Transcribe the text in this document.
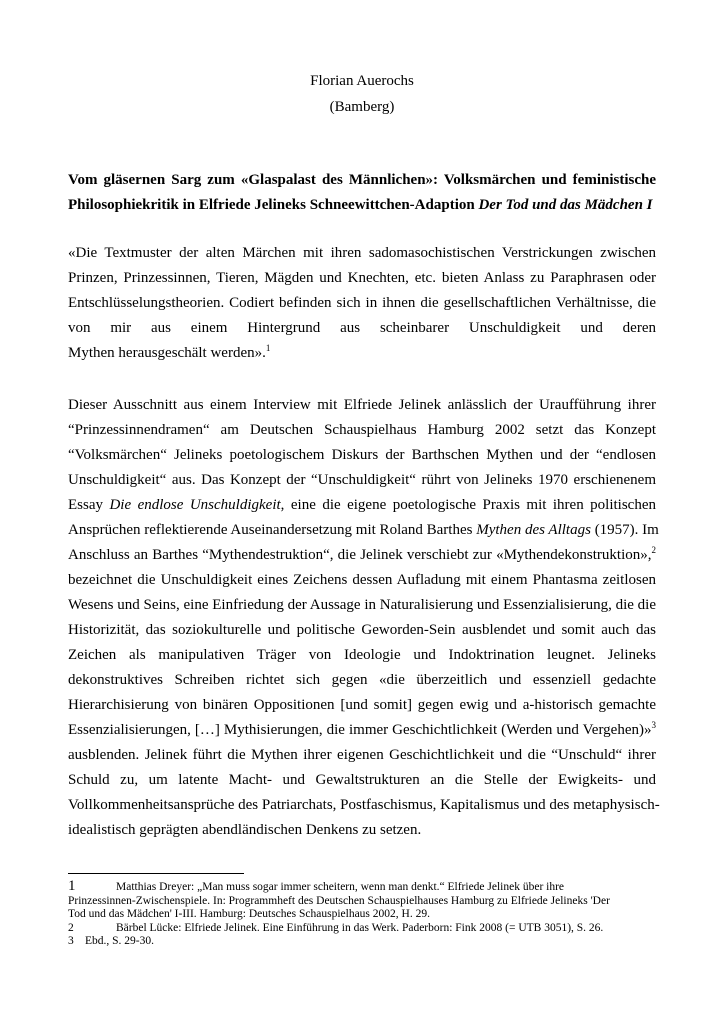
Florian Auerochs
(Bamberg)
Vom gläsernen Sarg zum «Glaspalast des Männlichen»: Volksmärchen und feministische
Philosophiekritik in Elfriede Jelineks Schneewittchen-Adaption Der Tod und das Mädchen I
«Die Textmuster der alten Märchen mit ihren sadomasochistischen Verstrickungen zwischen
Prinzen, Prinzessinnen, Tieren, Mägden und Knechten, etc. bieten Anlass zu Paraphrasen oder
Entschlüsselungstheorien. Codiert befinden sich in ihnen die gesellschaftlichen Verhältnisse, die
von mir aus einem Hintergrund aus scheinbarer Unschuldigkeit und deren
Mythen herausgeschält werden».$^1$
Dieser Ausschnitt aus einem Interview mit Elfriede Jelinek anlässlich der Uraufführung ihrer
“Prinzessinnendramen“ am Deutschen Schauspielhaus Hamburg 2002 setzt das Konzept
“Volksmärchen“ Jelineks poetologischem Diskurs der Barthschen Mythen und der “endlosen
Unschuldigkeit“ aus. Das Konzept der “Unschuldigkeit“ rührt von Jelineks 1970 erschienenem
Essay Die endlose Unschuldigkeit, eine die eigene poetologische Praxis mit ihren politischen
Ansprüchen reflektierende Auseinandersetzung mit Roland Barthes Mythen des Alltags (1957). Im
Anschluss an Barthes “Mythendestruktion“, die Jelinek verschiebt zur «Mythendekonstruktion»,$^2$
bezeichnet die Unschuldigkeit eines Zeichens dessen Aufladung mit einem Phantasma zeitlosen
Wesens und Seins, eine Einfriedung der Aussage in Naturalisierung und Essenzialisierung, die die
Historizität, das soziokulturelle und politische Geworden-Sein ausblendet und somit auch das
Zeichen als manipulativen Träger von Ideologie und Indoktrination leugnet. Jelineks
dekonstruktives Schreiben richtet sich gegen «die überzeitlich und essenziell gedachte
Hierarchisierung von binären Oppositionen [und somit] gegen ewig und a-historisch gemachte
Essenzialisierungen, […] Mythisierungen, die immer Geschichtlichkeit (Werden und Vergehen)»$^3$
ausblenden. Jelinek führt die Mythen ihrer eigenen Geschichtlichkeit und die “Unschuld“ ihrer
Schuld zu, um latente Macht- und Gewaltstrukturen an die Stelle der Ewigkeits- und
Vollkommenheitsansprüche des Patriarchats, Postfaschismus, Kapitalismus und des metaphysisch-
idealistisch geprägten abendländischen Denkens zu setzen.
1	Matthias Dreyer: „Man muss sogar immer scheitern, wenn man denkt.“ Elfriede Jelinek über ihre
Prinzessinnen-Zwischenspiele. In: Programmheft des Deutschen Schauspielhauses Hamburg zu Elfriede Jelineks 'Der
Tod und das Mädchen' I-III. Hamburg: Deutsches Schauspielhaus 2002, H. 29.
2	Bärbel Lücke: Elfriede Jelinek. Eine Einführung in das Werk. Paderborn: Fink 2008 (= UTB 3051), S. 26.
3 Ebd., S. 29-30.
